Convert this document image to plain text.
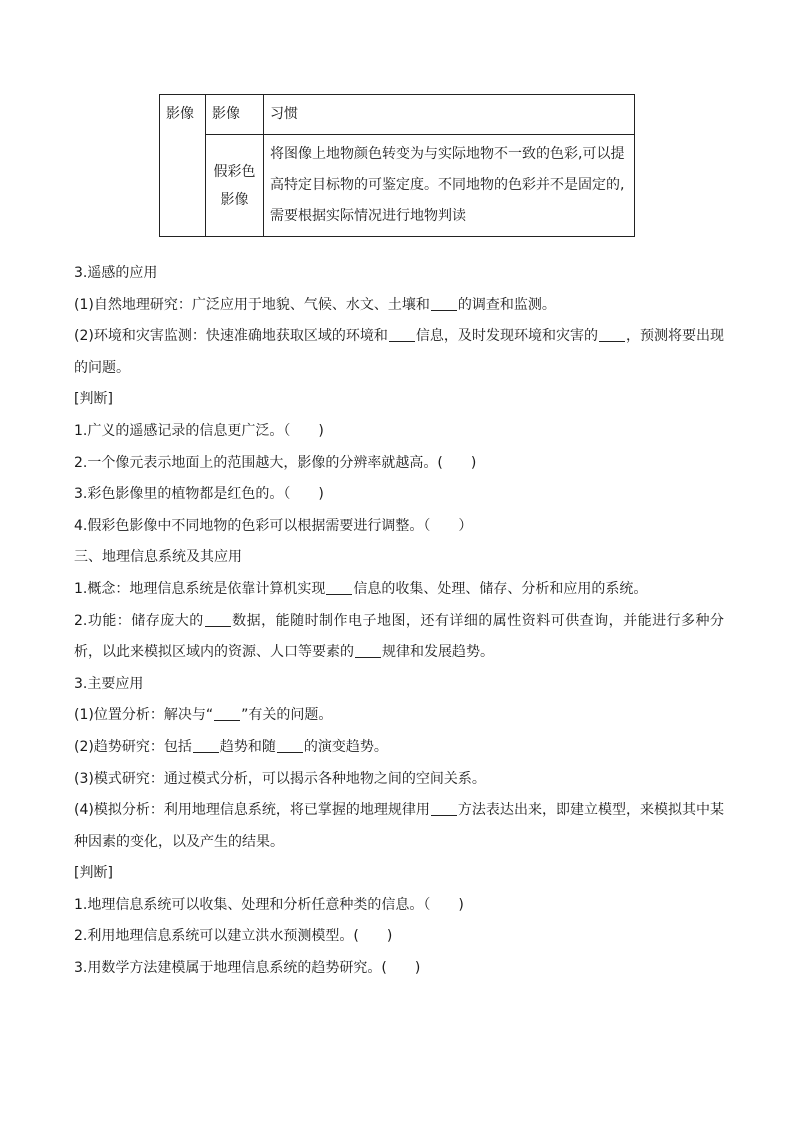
影像	影像	习惯
	假彩色影像	将图像上地物颜色转变为与实际地物不一致的色彩,可以提高特定目标物的可鉴定度。不同地物的色彩并不是固定的,需要根据实际情况进行地物判读
3.遥感的应用
(1)自然地理研究：广泛应用于地貌、气候、水文、土壤和 的调查和监测。
(2)环境和灾害监测：快速准确地获取区域的环境和 信息，及时发现环境和灾害的 ，预测将要出现的问题。
[判断]
1.广义的遥感记录的信息更广泛。（ )
2.一个像元表示地面上的范围越大，影像的分辨率就越高。( )
3.彩色影像里的植物都是红色的。（ )
4.假彩色影像中不同地物的色彩可以根据需要进行调整。（ ）
三、地理信息系统及其应用
1.概念：地理信息系统是依靠计算机实现 信息的收集、处理、储存、分析和应用的系统。
2.功能：储存庞大的 数据，能随时制作电子地图，还有详细的属性资料可供查询，并能进行多种分析，以此来模拟区域内的资源、人口等要素的 规律和发展趋势。
3.主要应用
(1)位置分析：解决与“ ”有关的问题。
(2)趋势研究：包括 趋势和随 的演变趋势。
(3)模式研究：通过模式分析，可以揭示各种地物之间的空间关系。
(4)模拟分析：利用地理信息系统，将已掌握的地理规律用 方法表达出来，即建立模型，来模拟其中某种因素的变化，以及产生的结果。
[判断]
1.地理信息系统可以收集、处理和分析任意种类的信息。（ )
2.利用地理信息系统可以建立洪水预测模型。( )
3.用数学方法建模属于地理信息系统的趋势研究。( )
